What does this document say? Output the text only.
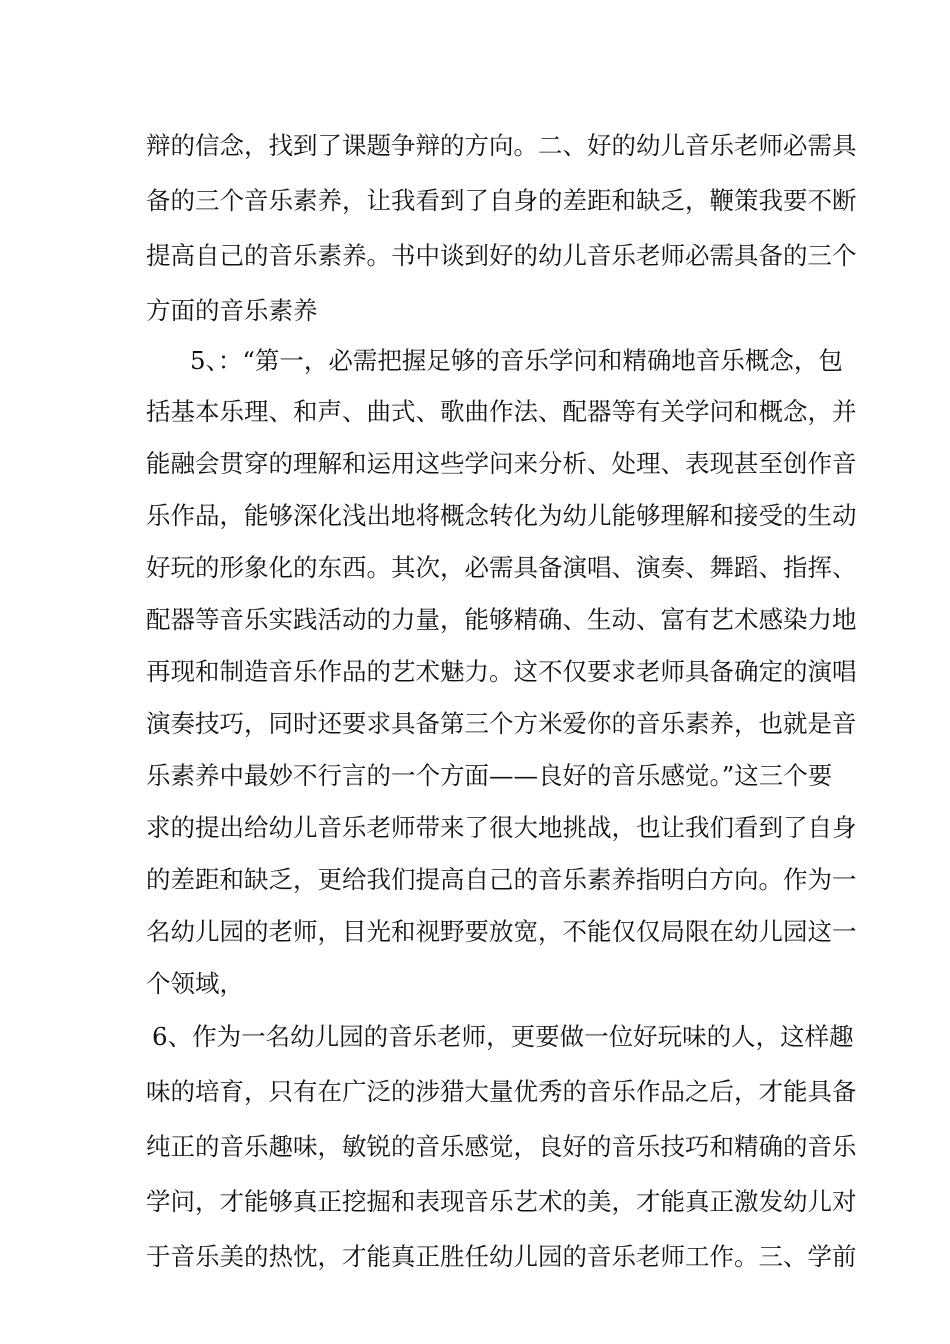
辩的信念，找到了课题争辩的方向。二、好的幼儿音乐老师必需具
备的三个音乐素养，让我看到了自身的差距和缺乏，鞭策我要不断
提高自己的音乐素养。书中谈到好的幼儿音乐老师必需具备的三个
方面的音乐素养
5、：“第一，必需把握足够的音乐学问和精确地音乐概念，包
括基本乐理、和声、曲式、歌曲作法、配器等有关学问和概念，并
能融会贯穿的理解和运用这些学问来分析、处理、表现甚至创作音
乐作品，能够深化浅出地将概念转化为幼儿能够理解和接受的生动
好玩的形象化的东西。其次，必需具备演唱、演奏、舞蹈、指挥、
配器等音乐实践活动的力量，能够精确、生动、富有艺术感染力地
再现和制造音乐作品的艺术魅力。这不仅要求老师具备确定的演唱
演奏技巧，同时还要求具备第三个方米爱你的音乐素养，也就是音
乐素养中最妙不行言的一个方面——良好的音乐感觉。”这三个要
求的提出给幼儿音乐老师带来了很大地挑战，也让我们看到了自身
的差距和缺乏，更给我们提高自己的音乐素养指明白方向。作为一
名幼儿园的老师，目光和视野要放宽，不能仅仅局限在幼儿园这一
个领域，
6、作为一名幼儿园的音乐老师，更要做一位好玩味的人，这样趣
味的培育，只有在广泛的涉猎大量优秀的音乐作品之后，才能具备
纯正的音乐趣味，敏锐的音乐感觉，良好的音乐技巧和精确的音乐
学问，才能够真正挖掘和表现音乐艺术的美，才能真正激发幼儿对
于音乐美的热忱，才能真正胜任幼儿园的音乐老师工作。三、学前
